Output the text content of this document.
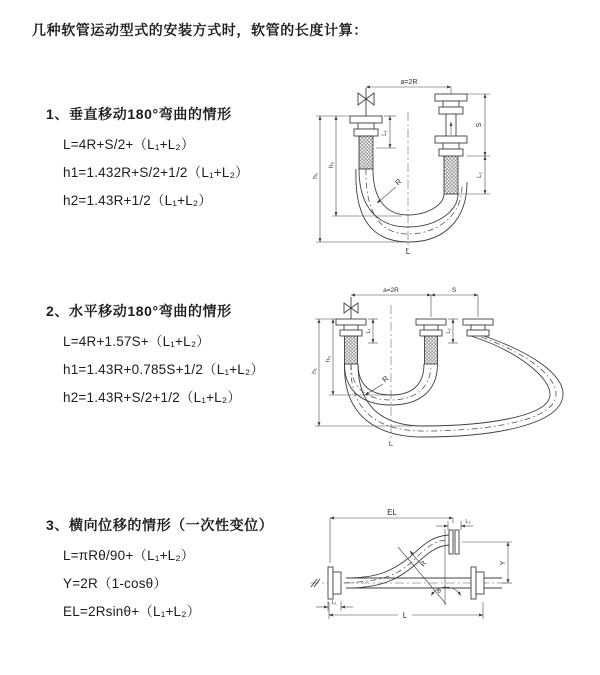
几种软管运动型式的安装方式时，软管的长度计算：
1、垂直移动180°弯曲的情形
L=4R+S/2+（L₁+L₂）
h1=1.432R+S/2+1/2（L₁+L₂）
h2=1.43R+1/2（L₁+L₂）
2、水平移动180°弯曲的情形
L=4R+1.57S+（L₁+L₂）
h1=1.43R+0.785S+1/2（L₁+L₂）
h2=1.43R+S/2+1/2（L₁+L₂）
3、横向位移的情形（一次性变位）
L=πRθ/90+（L₁+L₂）
Y=2R（1-cosθ）
EL=2Rsinθ+（L₁+L₂）
a=2R
L₁
S
L₂
h₁
h₂
R
L
a=2R	S
L₁	L₂
h₁
h₂
R
L
EL
L₂
L₁
Y
θ
R
L
